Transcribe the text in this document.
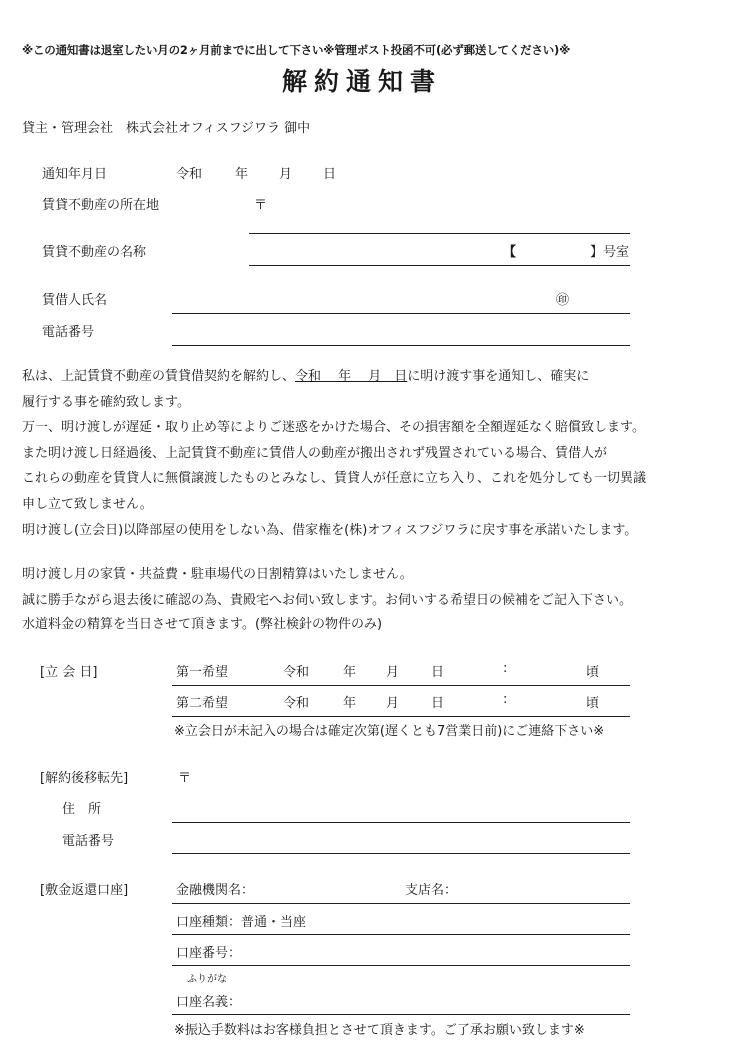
※この通知書は退室したい月の2ヶ月前までに出して下さい※管理ポスト投函不可(必ず郵送してください)※
解約通知書
貸主・管理会社　株式会社オフィスフジワラ 御中
通知年月日	令和	年 月 日
賃貸不動産の所在地	〒
賃貸不動産の名称	【	】号室
賃借人氏名	㊞
電話番号
私は、上記賃貸不動産の賃貸借契約を解約し、令和　 年　 月　日に明け渡す事を通知し、確実に
履行する事を確約致します。
万一、明け渡しが遅延・取り止め等によりご迷惑をかけた場合、その損害額を全額遅延なく賠償致します。
また明け渡し日経過後、上記賃貸不動産に賃借人の動産が搬出されず残置されている場合、賃借人が
これらの動産を賃貸人に無償譲渡したものとみなし、賃貸人が任意に立ち入り、これを処分しても一切異議
申し立て致しません。
明け渡し(立会日)以降部屋の使用をしない為、借家権を(株)オフィスフジワラに戻す事を承諾いたします。
明け渡し月の家賃・共益費・駐車場代の日割精算はいたしません。
誠に勝手ながら退去後に確認の為、貴殿宅へお伺い致します。お伺いする希望日の候補をご記入下さい。
水道料金の精算を当日させて頂きます。(弊社検針の物件のみ)
[立 会 日]	第一希望	令和	年 月 日	:	頃
第二希望	令和	年 月 日	:	頃
※立会日が未記入の場合は確定次第(遅くとも7営業日前)にご連絡下さい※
[解約後移転先]	〒
住　所
電話番号
[敷金返還口座]	金融機関名：	支店名：
口座種類：普通・当座
口座番号：
ふりがな
口座名義：
※振込手数料はお客様負担とさせて頂きます。ご了承お願い致します※
